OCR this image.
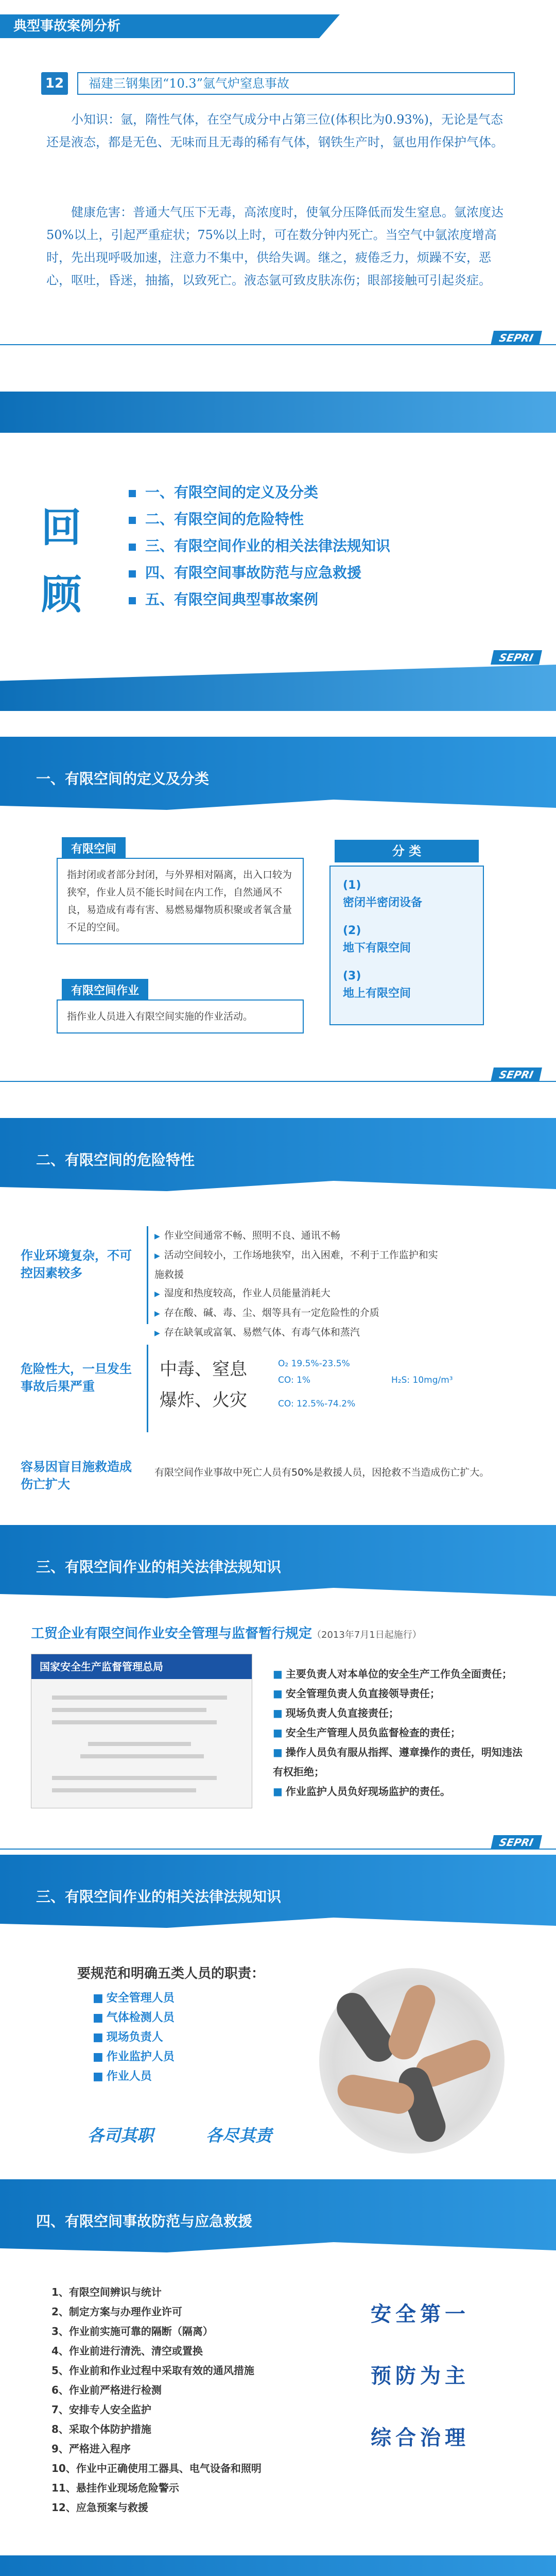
典型事故案例分析
12	福建三钢集团“10.3”氩气炉窒息事故
小知识：氩，隋性气体，在空气成分中占第三位(体积比为0.93%)，无论是气态还是液态，都是无色、无味而且无毒的稀有气体，钢铁生产时，氩也用作保护气体。
健康危害：普通大气压下无毒，高浓度时，使氧分压降低而发生窒息。氩浓度达50%以上，引起严重症状；75%以上时，可在数分钟内死亡。当空气中氩浓度增高时，先出现呼吸加速，注意力不集中，供给失调。继之，疲倦乏力，烦躁不安，恶心，呕吐，昏迷，抽搐，以致死亡。液态氩可致皮肤冻伤；眼部接触可引起炎症。
SEPRI
回
顾
一、有限空间的定义及分类
二、有限空间的危险特性
三、有限空间作业的相关法律法规知识
四、有限空间事故防范与应急救援
五、有限空间典型事故案例
SEPRI
一、有限空间的定义及分类
有限空间
指封闭或者部分封闭，与外界相对隔离，出入口较为狭窄，作业人员不能长时间在内工作，自然通风不良，易造成有毒有害、易燃易爆物质积聚或者氧含量不足的空间。
有限空间作业
指作业人员进入有限空间实施的作业活动。
分 类
(1)
密闭半密闭设备
(2)
地下有限空间
(3)
地上有限空间
SEPRI
二、有限空间的危险特性
作业环境复杂，不可控因素较多
▶ 作业空间通常不畅、照明不良、通讯不畅
▶ 活动空间较小，工作场地狭窄，出入困难，不利于工作监护和实施救援
▶ 湿度和热度较高，作业人员能量消耗大
▶ 存在酸、碱、毒、尘、烟等具有一定危险性的介质
▶ 存在缺氧或富氧、易燃气体、有毒气体和蒸汽
危险性大，一旦发生事故后果严重
中毒、窒息
爆炸、火灾
O₂ 19.5%-23.5%
CO: 1%	H₂S: 10mg/m³
CO: 12.5%-74.2%
容易因盲目施救造成伤亡扩大
有限空间作业事故中死亡人员有50%是救援人员，因抢救不当造成伤亡扩大。
三、有限空间作业的相关法律法规知识
工贸企业有限空间作业安全管理与监督暂行规定（2013年7月1日起施行）
国家安全生产监督管理总局
■ 主要负责人对本单位的安全生产工作负全面责任；
■ 安全管理负责人负直接领导责任；
■ 现场负责人负直接责任；
■ 安全生产管理人员负监督检查的责任；
■ 操作人员负有服从指挥、遵章操作的责任，明知违法有权拒绝；
■ 作业监护人员负好现场监护的责任。
SEPRI
三、有限空间作业的相关法律法规知识
要规范和明确五类人员的职责：
■ 安全管理人员
■ 气体检测人员
■ 现场负责人
■ 作业监护人员
■ 作业人员
各司其职	各尽其责
四、有限空间事故防范与应急救援
1、有限空间辨识与统计
2、制定方案与办理作业许可
3、作业前实施可靠的隔断（隔离）
4、作业前进行清洗、清空或置换
5、作业前和作业过程中采取有效的通风措施
6、作业前严格进行检测
7、安排专人安全监护
8、采取个体防护措施
9、严格进入程序
10、作业中正确使用工器具、电气设备和照明
11、悬挂作业现场危险警示
12、应急预案与救援
安全第一
预防为主
综合治理
